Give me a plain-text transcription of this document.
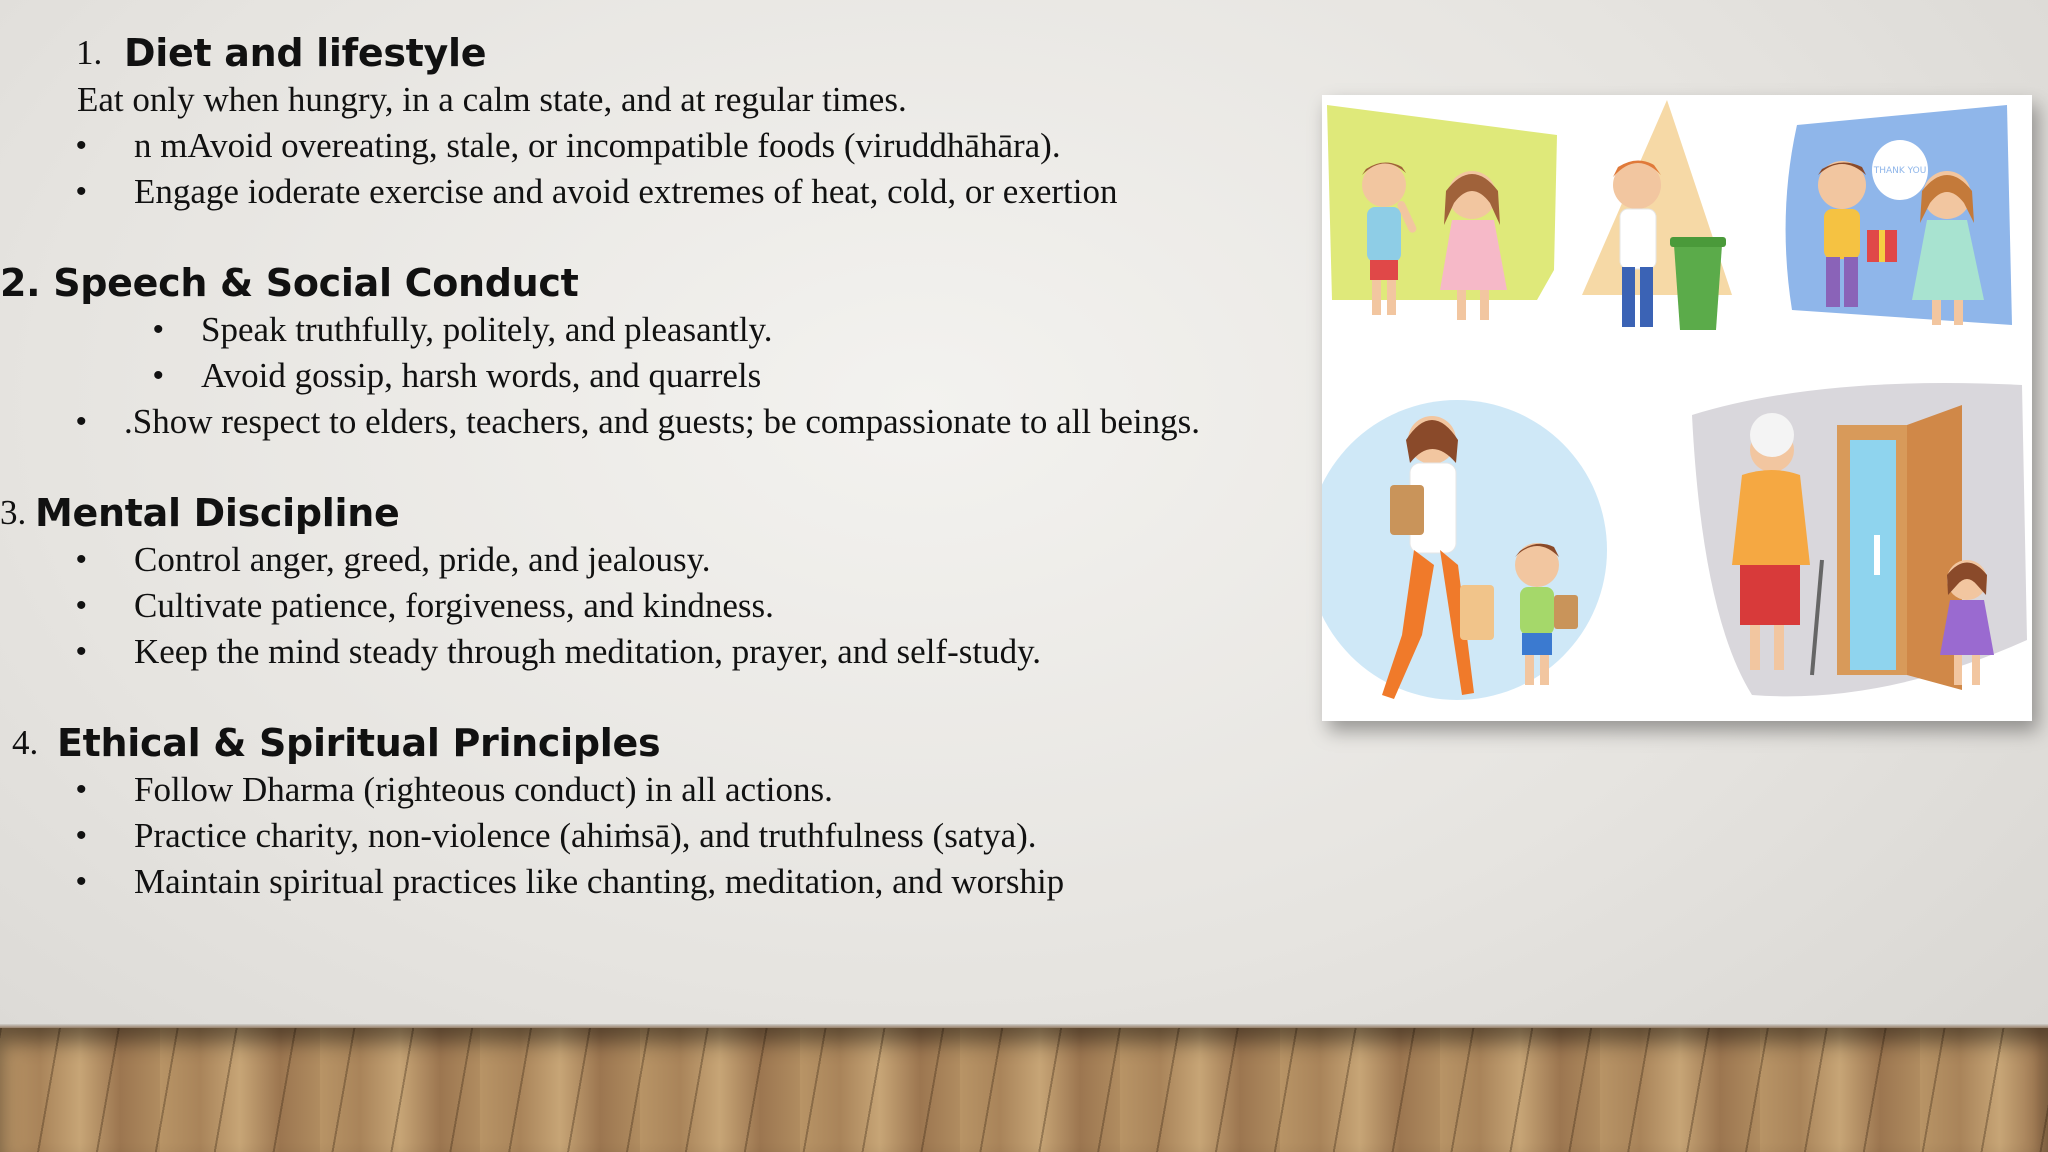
1. Diet and lifestyle
Eat only when hungry, in a calm state, and at regular times.
• n mAvoid overeating, stale, or incompatible foods (viruddhāhāra).
• Engage ioderate exercise and avoid extremes of heat, cold, or exertion
2. Speech & Social Conduct
• Speak truthfully, politely, and pleasantly.
• Avoid gossip, harsh words, and quarrels
• .Show respect to elders, teachers, and guests; be compassionate to all beings.
3. Mental Discipline
• Control anger, greed, pride, and jealousy.
• Cultivate patience, forgiveness, and kindness.
• Keep the mind steady through meditation, prayer, and self-study.
4. Ethical & Spiritual Principles
• Follow Dharma (righteous conduct) in all actions.
• Practice charity, non-violence (ahiṁsā), and truthfulness (satya).
• Maintain spiritual practices like chanting, meditation, and worship
THANK YOU
